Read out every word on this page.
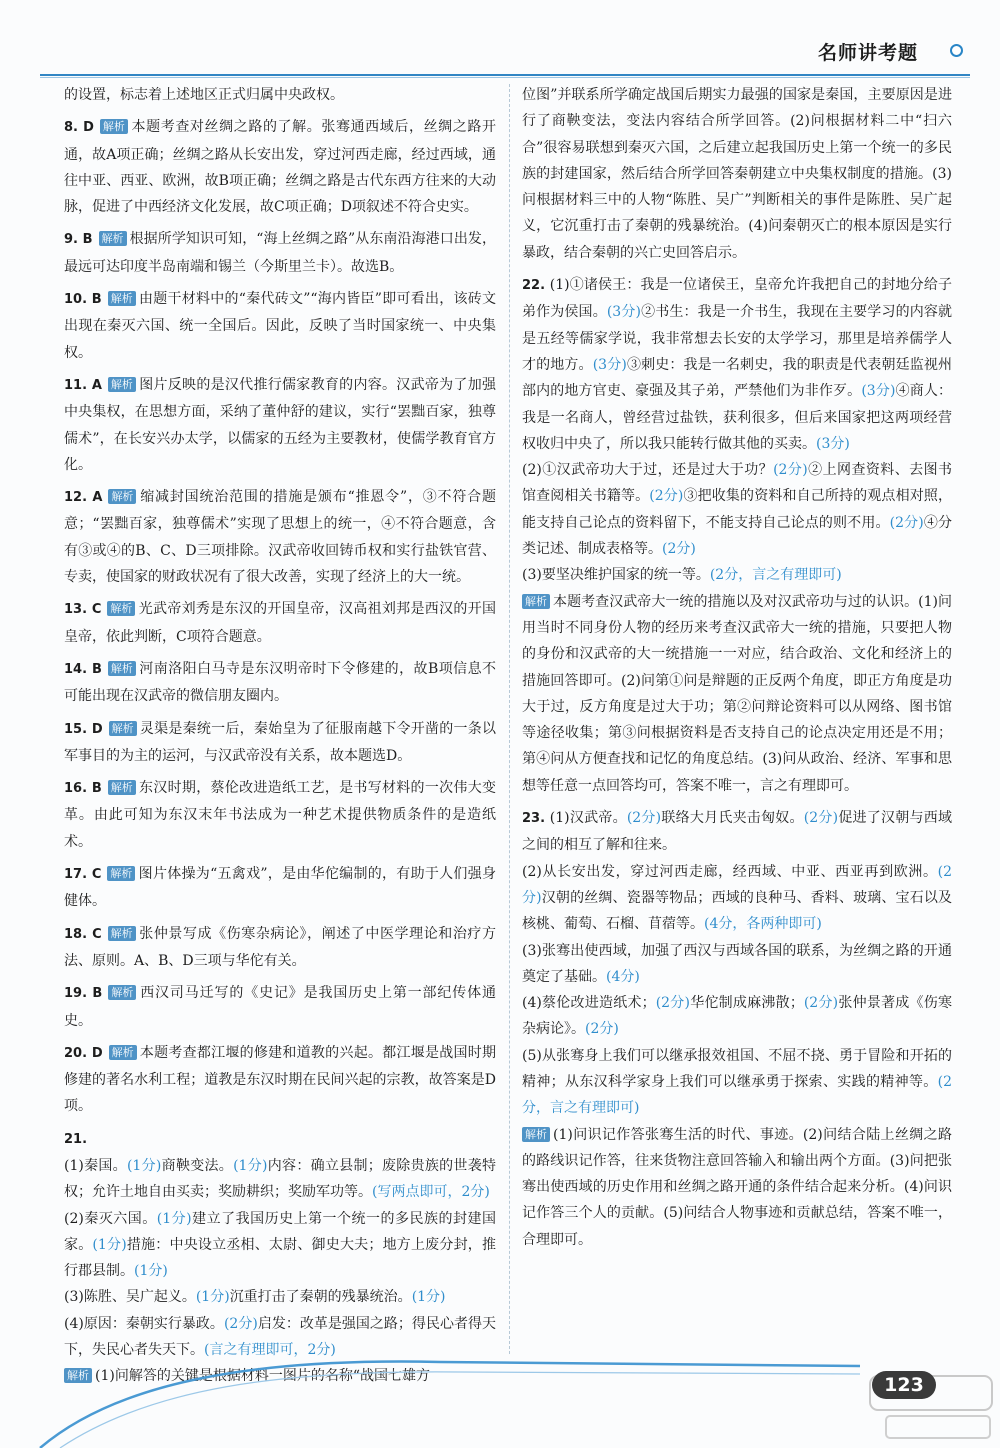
名师讲考题

的设置，标志着上述地区正式归属中央政权。

8. D 解析 本题考查对丝绸之路的了解。张骞通西域后，丝绸之路开通，故A项正确；丝绸之路从长安出发，穿过河西走廊，经过西域，通往中亚、西亚、欧洲，故B项正确；丝绸之路是古代东西方往来的大动脉，促进了中西经济文化发展，故C项正确；D项叙述不符合史实。

9. B 解析 根据所学知识可知，“海上丝绸之路”从东南沿海港口出发，最远可达印度半岛南端和锡兰（今斯里兰卡）。故选B。

10. B 解析 由题干材料中的“秦代砖文”“海内皆臣”即可看出，该砖文出现在秦灭六国、统一全国后。因此，反映了当时国家统一、中央集权。

11. A 解析 图片反映的是汉代推行儒家教育的内容。汉武帝为了加强中央集权，在思想方面，采纳了董仲舒的建议，实行“罢黜百家，独尊儒术”，在长安兴办太学，以儒家的五经为主要教材，使儒学教育官方化。

12. A 解析 缩减封国统治范围的措施是颁布“推恩令”，③不符合题意；“罢黜百家，独尊儒术”实现了思想上的统一，④不符合题意，含有③或④的B、C、D三项排除。汉武帝收回铸币权和实行盐铁官营、专卖，使国家的财政状况有了很大改善，实现了经济上的大一统。

13. C 解析 光武帝刘秀是东汉的开国皇帝，汉高祖刘邦是西汉的开国皇帝，依此判断，C项符合题意。

14. B 解析 河南洛阳白马寺是东汉明帝时下令修建的，故B项信息不可能出现在汉武帝的微信朋友圈内。

15. D 解析 灵渠是秦统一后，秦始皇为了征服南越下令开凿的一条以军事目的为主的运河，与汉武帝没有关系，故本题选D。

16. B 解析 东汉时期，蔡伦改进造纸工艺，是书写材料的一次伟大变革。由此可知为东汉末年书法成为一种艺术提供物质条件的是造纸术。

17. C 解析 图片体操为“五禽戏”，是由华佗编制的，有助于人们强身健体。

18. C 解析 张仲景写成《伤寒杂病论》，阐述了中医学理论和治疗方法、原则。A、B、D三项与华佗有关。

19. B 解析 西汉司马迁写的《史记》是我国历史上第一部纪传体通史。

20. D 解析 本题考查都江堰的修建和道教的兴起。都江堰是战国时期修建的著名水利工程；道教是东汉时期在民间兴起的宗教，故答案是D项。

21.

(1)秦国。(1分)商鞅变法。(1分)内容：确立县制；废除贵族的世袭特权；允许土地自由买卖；奖励耕织；奖励军功等。(写两点即可，2分)

(2)秦灭六国。(1分)建立了我国历史上第一个统一的多民族的封建国家。(1分)措施：中央设立丞相、太尉、御史大夫；地方上废分封，推行郡县制。(1分)

(3)陈胜、吴广起义。(1分)沉重打击了秦朝的残暴统治。(1分)

(4)原因：秦朝实行暴政。(2分)启发：改革是强国之路；得民心者得天下，失民心者失天下。(言之有理即可，2分)

解析 (1)问解答的关键是根据材料一图片的名称“战国七雄方

位图”并联系所学确定战国后期实力最强的国家是秦国，主要原因是进行了商鞅变法，变法内容结合所学回答。(2)问根据材料二中“扫六合”很容易联想到秦灭六国，之后建立起我国历史上第一个统一的多民族的封建国家，然后结合所学回答秦朝建立中央集权制度的措施。(3)问根据材料三中的人物“陈胜、吴广”判断相关的事件是陈胜、吴广起义，它沉重打击了秦朝的残暴统治。(4)问秦朝灭亡的根本原因是实行暴政，结合秦朝的兴亡史回答启示。

22. (1)①诸侯王：我是一位诸侯王，皇帝允许我把自己的封地分给子弟作为侯国。(3分)②书生：我是一介书生，我现在主要学习的内容就是五经等儒家学说，我非常想去长安的太学学习，那里是培养儒学人才的地方。(3分)③刺史：我是一名刺史，我的职责是代表朝廷监视州部内的地方官吏、豪强及其子弟，严禁他们为非作歹。(3分)④商人：我是一名商人，曾经营过盐铁，获利很多，但后来国家把这两项经营权收归中央了，所以我只能转行做其他的买卖。(3分)

(2)①汉武帝功大于过，还是过大于功？(2分)②上网查资料、去图书馆查阅相关书籍等。(2分)③把收集的资料和自己所持的观点相对照，能支持自己论点的资料留下，不能支持自己论点的则不用。(2分)④分类记述、制成表格等。(2分)

(3)要坚决维护国家的统一等。(2分，言之有理即可)

解析 本题考查汉武帝大一统的措施以及对汉武帝功与过的认识。(1)问用当时不同身份人物的经历来考查汉武帝大一统的措施，只要把人物的身份和汉武帝的大一统措施一一对应，结合政治、文化和经济上的措施回答即可。(2)问第①问是辩题的正反两个角度，即正方角度是功大于过，反方角度是过大于功；第②问辩论资料可以从网络、图书馆等途径收集；第③问根据资料是否支持自己的论点决定用还是不用；第④问从方便查找和记忆的角度总结。(3)问从政治、经济、军事和思想等任意一点回答均可，答案不唯一，言之有理即可。

23. (1)汉武帝。(2分)联络大月氏夹击匈奴。(2分)促进了汉朝与西域之间的相互了解和往来。

(2)从长安出发，穿过河西走廊，经西域、中亚、西亚再到欧洲。(2分)汉朝的丝绸、瓷器等物品；西域的良种马、香料、玻璃、宝石以及核桃、葡萄、石榴、苜蓿等。(4分，各两种即可)

(3)张骞出使西域，加强了西汉与西域各国的联系，为丝绸之路的开通奠定了基础。(4分)

(4)蔡伦改进造纸术；(2分)华佗制成麻沸散；(2分)张仲景著成《伤寒杂病论》。(2分)

(5)从张骞身上我们可以继承报效祖国、不屈不挠、勇于冒险和开拓的精神；从东汉科学家身上我们可以继承勇于探索、实践的精神等。(2分，言之有理即可)

解析 (1)问识记作答张骞生活的时代、事迹。(2)问结合陆上丝绸之路的路线识记作答，往来货物注意回答输入和输出两个方面。(3)问把张骞出使西域的历史作用和丝绸之路开通的条件结合起来分析。(4)问识记作答三个人的贡献。(5)问结合人物事迹和贡献总结，答案不唯一，合理即可。

123
